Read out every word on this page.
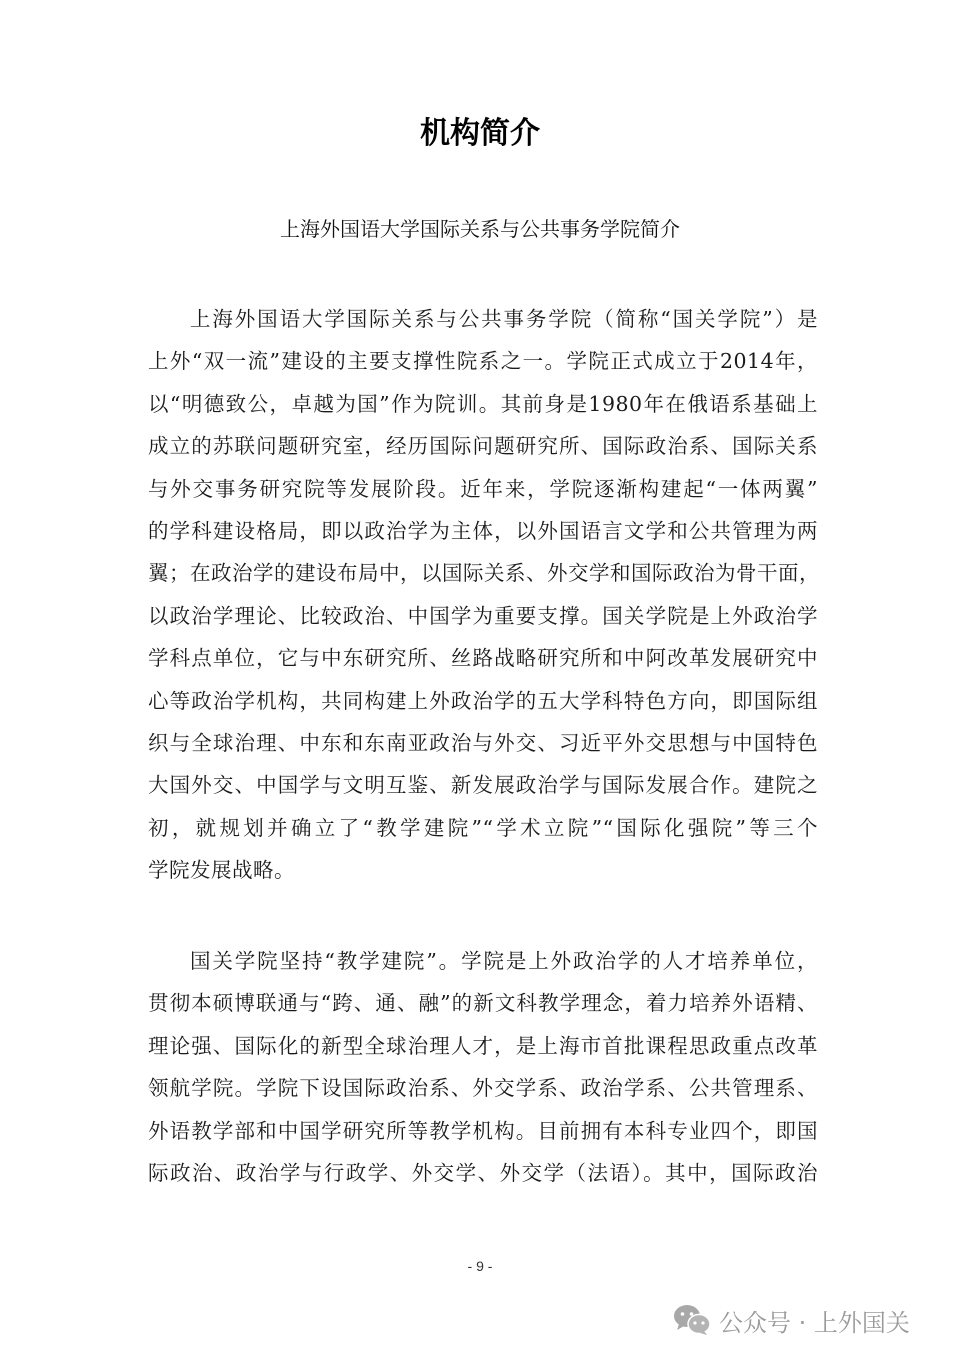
机构简介
上海外国语大学国际关系与公共事务学院简介
上海外国语大学国际关系与公共事务学院（简称“国关学院”）是
上外“双一流”建设的主要支撑性院系之一。学院正式成立于2014年，
以“明德致公，卓越为国”作为院训。其前身是1980年在俄语系基础上
成立的苏联问题研究室，经历国际问题研究所、国际政治系、国际关系
与外交事务研究院等发展阶段。近年来，学院逐渐构建起“一体两翼”
的学科建设格局，即以政治学为主体，以外国语言文学和公共管理为两
翼；在政治学的建设布局中，以国际关系、外交学和国际政治为骨干面，
以政治学理论、比较政治、中国学为重要支撑。国关学院是上外政治学
学科点单位，它与中东研究所、丝路战略研究所和中阿改革发展研究中
心等政治学机构，共同构建上外政治学的五大学科特色方向，即国际组
织与全球治理、中东和东南亚政治与外交、习近平外交思想与中国特色
大国外交、中国学与文明互鉴、新发展政治学与国际发展合作。建院之
初，就规划并确立了“教学建院”“学术立院”“国际化强院”等三个
学院发展战略。
国关学院坚持“教学建院”。学院是上外政治学的人才培养单位，
贯彻本硕博联通与“跨、通、融”的新文科教学理念，着力培养外语精、
理论强、国际化的新型全球治理人才，是上海市首批课程思政重点改革
领航学院。学院下设国际政治系、外交学系、政治学系、公共管理系、
外语教学部和中国学研究所等教学机构。目前拥有本科专业四个，即国
际政治、政治学与行政学、外交学、外交学（法语）。其中，国际政治
- 9 -
公众号 · 上外国关
